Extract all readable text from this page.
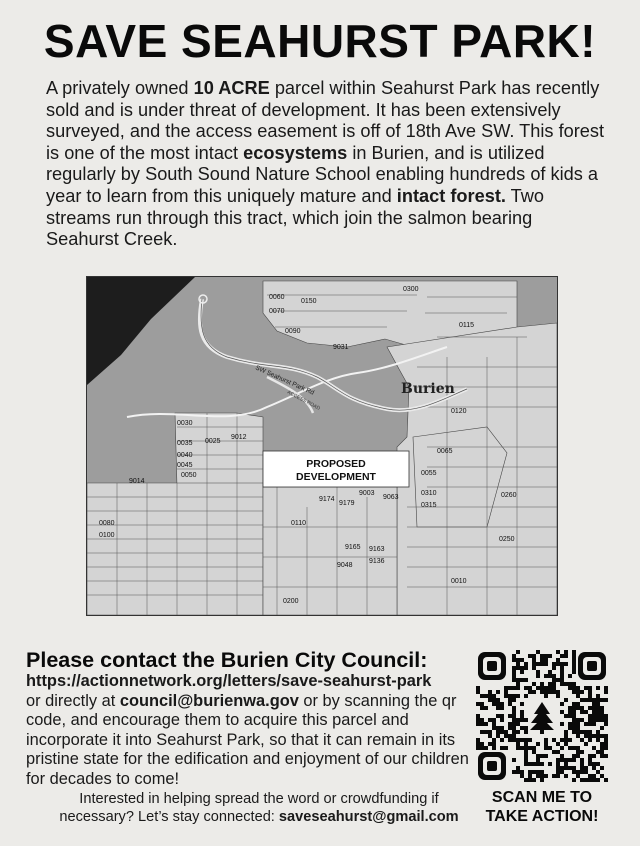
SAVE SEAHURST PARK!
A privately owned 10 ACRE parcel within Seahurst Park has recently sold and is under threat of development. It has been extensively surveyed, and the access easement is off of 18th Ave SW. This forest is one of the most intact ecosystems in Burien, and is utilized regularly by South Sound Nature School enabling hundreds of kids a year to learn from this uniquely mature and intact forest. Two streams run through this tract, which join the salmon bearing Seahurst Creek.
PROPOSED
DEVELOPMENT
Burien
SW Seahurst Park Rd
ACCESS ROAD
9031
0120
0110
0010
9012
0025
0030
0035
0040
0045
0050	0055
0060
0065
0070
0080
0090
0100
0115
0150
0200
0250
0260
0300
0310
0315
9014
9174
9179
9003
9063
9165 9163
9048
9136
Please contact the Burien City Council:
https://actionnetwork.org/letters/save-seahurst-park
or directly at council@burienwa.gov or by scanning the qr code, and encourage them to acquire this parcel and incorporate it into Seahurst Park, so that it can remain in its pristine state for the edification and enjoyment of our children for decades to come!
Interested in helping spread the word or crowdfunding if
necessary? Let’s stay connected: saveseahurst@gmail.com
SCAN ME TO
TAKE ACTION!
